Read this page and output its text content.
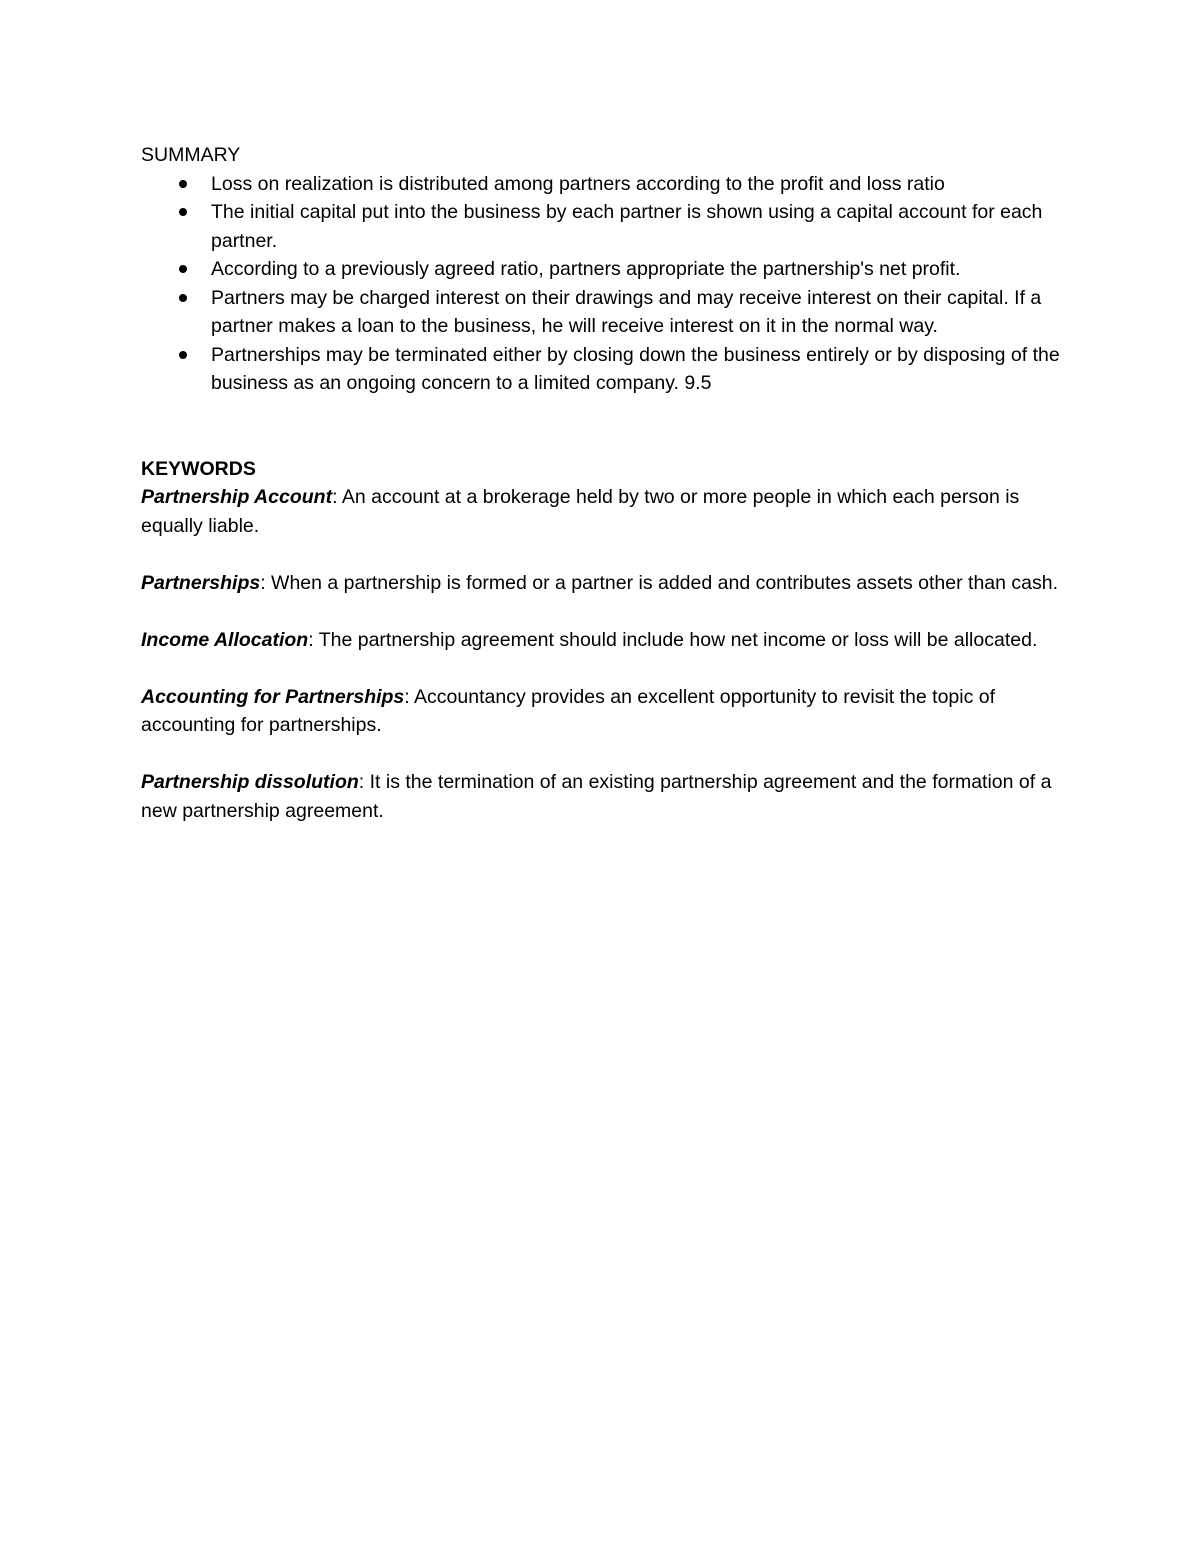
SUMMARY

Loss on realization is distributed among partners according to the profit and loss ratio
The initial capital put into the business by each partner is shown using a capital account for each partner.
According to a previously agreed ratio, partners appropriate the partnership's net profit.
Partners may be charged interest on their drawings and may receive interest on their capital. If a partner makes a loan to the business, he will receive interest on it in the normal way.
Partnerships may be terminated either by closing down the business entirely or by disposing of the business as an ongoing concern to a limited company. 9.5

KEYWORDS

Partnership Account: An account at a brokerage held by two or more people in which each person is equally liable.

Partnerships: When a partnership is formed or a partner is added and contributes assets other than cash.

Income Allocation: The partnership agreement should include how net income or loss will be allocated.

Accounting for Partnerships: Accountancy provides an excellent opportunity to revisit the topic of accounting for partnerships.

Partnership dissolution: It is the termination of an existing partnership agreement and the formation of a new partnership agreement.
